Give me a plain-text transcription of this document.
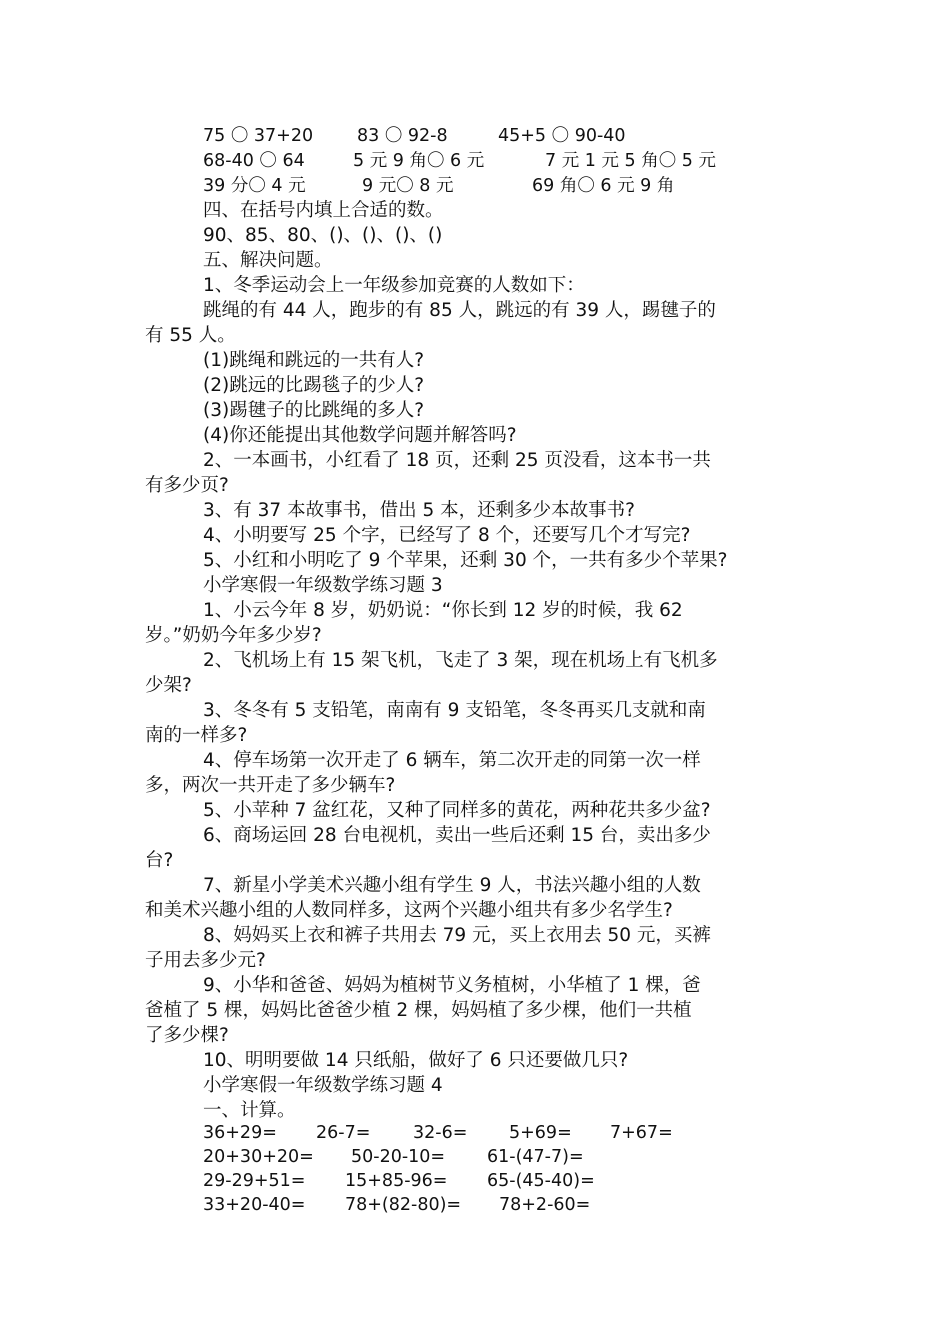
75 〇 37+20	83 〇 92-8	45+5 〇 90-40
68-40 〇 64	5 元 9 角〇 6 元	7 元 1 元 5 角〇 5 元
39 分〇 4 元	9 元〇 8 元	69 角〇 6 元 9 角
四、在括号内填上合适的数。
90、85、80、()、()、()、()
五、解决问题。
1、冬季运动会上一年级参加竞赛的人数如下：
跳绳的有 44 人，跑步的有 85 人，跳远的有 39 人，踢毽子的
有 55 人。
(1)跳绳和跳远的一共有人?
(2)跳远的比踢毯子的少人?
(3)踢毽子的比跳绳的多人?
(4)你还能提出其他数学问题并解答吗?
2、一本画书，小红看了 18 页，还剩 25 页没看，这本书一共
有多少页?
3、有 37 本故事书，借出 5 本，还剩多少本故事书?
4、小明要写 25 个字，已经写了 8 个，还要写几个才写完?
5、小红和小明吃了 9 个苹果，还剩 30 个，一共有多少个苹果?
小学寒假一年级数学练习题 3
1、小云今年 8 岁，奶奶说：“你长到 12 岁的时候，我 62
岁。”奶奶今年多少岁?
2、飞机场上有 15 架飞机，飞走了 3 架，现在机场上有飞机多
少架?
3、冬冬有 5 支铅笔，南南有 9 支铅笔，冬冬再买几支就和南
南的一样多?
4、停车场第一次开走了 6 辆车，第二次开走的同第一次一样
多，两次一共开走了多少辆车?
5、小苹种 7 盆红花，又种了同样多的黄花，两种花共多少盆?
6、商场运回 28 台电视机，卖出一些后还剩 15 台，卖出多少
台?
7、新星小学美术兴趣小组有学生 9 人，书法兴趣小组的人数
和美术兴趣小组的人数同样多，这两个兴趣小组共有多少名学生?
8、妈妈买上衣和裤子共用去 79 元，买上衣用去 50 元，买裤
子用去多少元?
9、小华和爸爸、妈妈为植树节义务植树，小华植了 1 棵，爸
爸植了 5 棵，妈妈比爸爸少植 2 棵，妈妈植了多少棵，他们一共植
了多少棵?
10、明明要做 14 只纸船，做好了 6 只还要做几只?
小学寒假一年级数学练习题 4
一、计算。
36+29= 26-7= 32-6= 5+69= 7+67=
20+30+20= 50-20-10= 61-(47-7)=
29-29+51= 15+85-96= 65-(45-40)=
33+20-40= 78+(82-80)= 78+2-60=
